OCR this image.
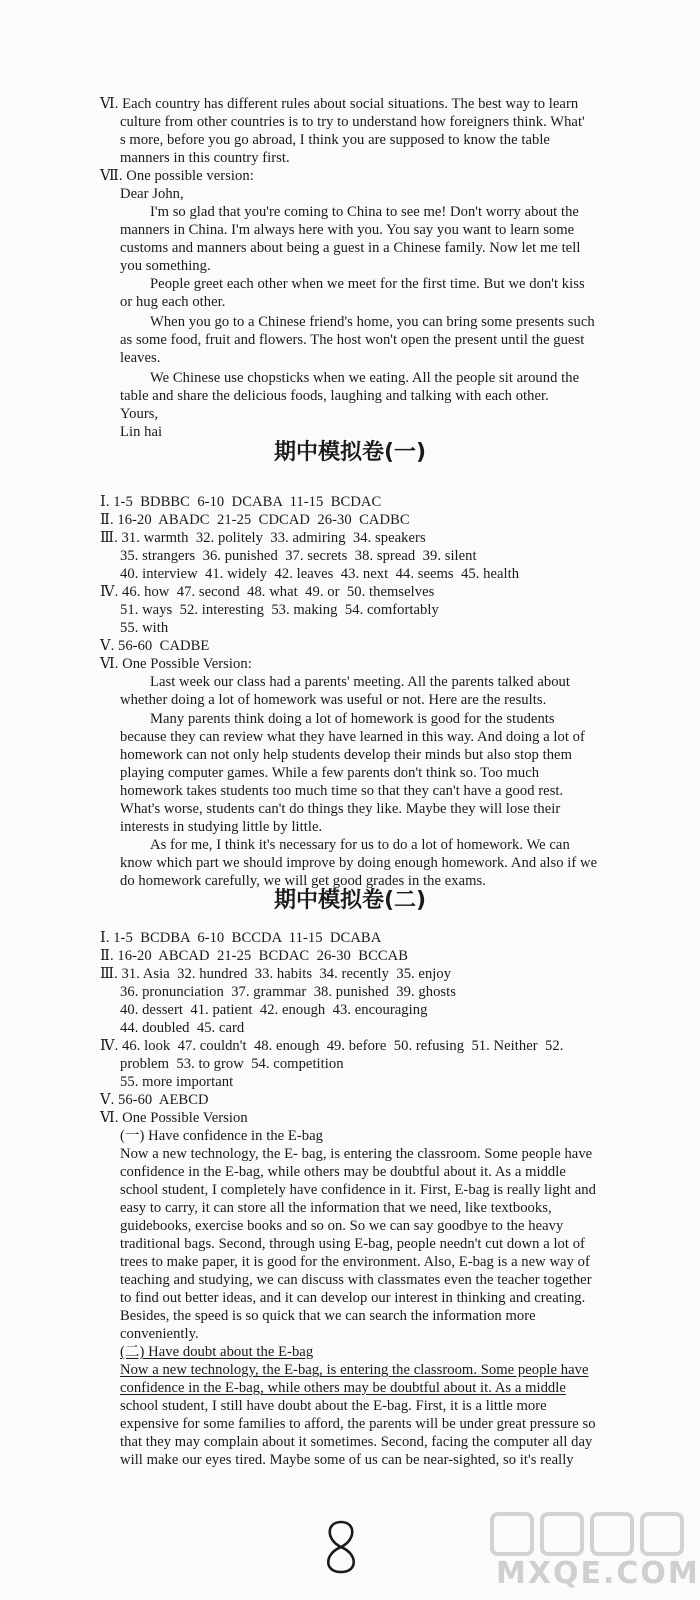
Ⅵ. Each country has different rules about social situations. The best way to learn
culture from other countries is to try to understand how foreigners think. What'
s more, before you go abroad, I think you are supposed to know the table
manners in this country first.
Ⅶ. One possible version:
Dear John,
I'm so glad that you're coming to China to see me! Don't worry about the
manners in China. I'm always here with you. You say you want to learn some
customs and manners about being a guest in a Chinese family. Now let me tell
you something.
People greet each other when we meet for the first time. But we don't kiss
or hug each other.
When you go to a Chinese friend's home, you can bring some presents such
as some food, fruit and flowers. The host won't open the present until the guest
leaves.
We Chinese use chopsticks when we eating. All the people sit around the
table and share the delicious foods, laughing and talking with each other.
Yours,
Lin hai
期中模拟卷(一)
Ⅰ. 1-5  BDBBC  6-10  DCABA  11-15  BCDAC
Ⅱ. 16-20  ABADC  21-25  CDCAD  26-30  CADBC
Ⅲ. 31. warmth  32. politely  33. admiring  34. speakers
35. strangers  36. punished  37. secrets  38. spread  39. silent
40. interview  41. widely  42. leaves  43. next  44. seems  45. health
Ⅳ. 46. how  47. second  48. what  49. or  50. themselves
51. ways  52. interesting  53. making  54. comfortably
55. with
Ⅴ. 56-60  CADBE
Ⅵ. One Possible Version:
Last week our class had a parents' meeting. All the parents talked about
whether doing a lot of homework was useful or not. Here are the results.
Many parents think doing a lot of homework is good for the students
because they can review what they have learned in this way. And doing a lot of
homework can not only help students develop their minds but also stop them
playing computer games. While a few parents don't think so. Too much
homework takes students too much time so that they can't have a good rest.
What's worse, students can't do things they like. Maybe they will lose their
interests in studying little by little.
As for me, I think it's necessary for us to do a lot of homework. We can
know which part we should improve by doing enough homework. And also if we
do homework carefully, we will get good grades in the exams.
期中模拟卷(二)
Ⅰ. 1-5  BCDBA  6-10  BCCDA  11-15  DCABA
Ⅱ. 16-20  ABCAD  21-25  BCDAC  26-30  BCCAB
Ⅲ. 31. Asia  32. hundred  33. habits  34. recently  35. enjoy
36. pronunciation  37. grammar  38. punished  39. ghosts
40. dessert  41. patient  42. enough  43. encouraging
44. doubled  45. card
Ⅳ. 46. look  47. couldn't  48. enough  49. before  50. refusing  51. Neither  52.
problem  53. to grow  54. competition
55. more important
Ⅴ. 56-60  AEBCD
Ⅵ. One Possible Version
(一) Have confidence in the E-bag
Now a new technology, the E- bag, is entering the classroom. Some people have
confidence in the E-bag, while others may be doubtful about it. As a middle
school student, I completely have confidence in it. First, E-bag is really light and
easy to carry, it can store all the information that we need, like textbooks,
guidebooks, exercise books and so on. So we can say goodbye to the heavy
traditional bags. Second, through using E-bag, people needn't cut down a lot of
trees to make paper, it is good for the environment. Also, E-bag is a new way of
teaching and studying, we can discuss with classmates even the teacher together
to find out better ideas, and it can develop our interest in thinking and creating.
Besides, the speed is so quick that we can search the information more
conveniently.
(二) Have doubt about the E-bag
Now a new technology, the E-bag, is entering the classroom. Some people have
confidence in the E-bag, while others may be doubtful about it. As a middle
school student, I still have doubt about the E-bag. First, it is a little more
expensive for some families to afford, the parents will be under great pressure so
that they may complain about it sometimes. Second, facing the computer all day
will make our eyes tired. Maybe some of us can be near-sighted, so it's really
MXQE.COM
